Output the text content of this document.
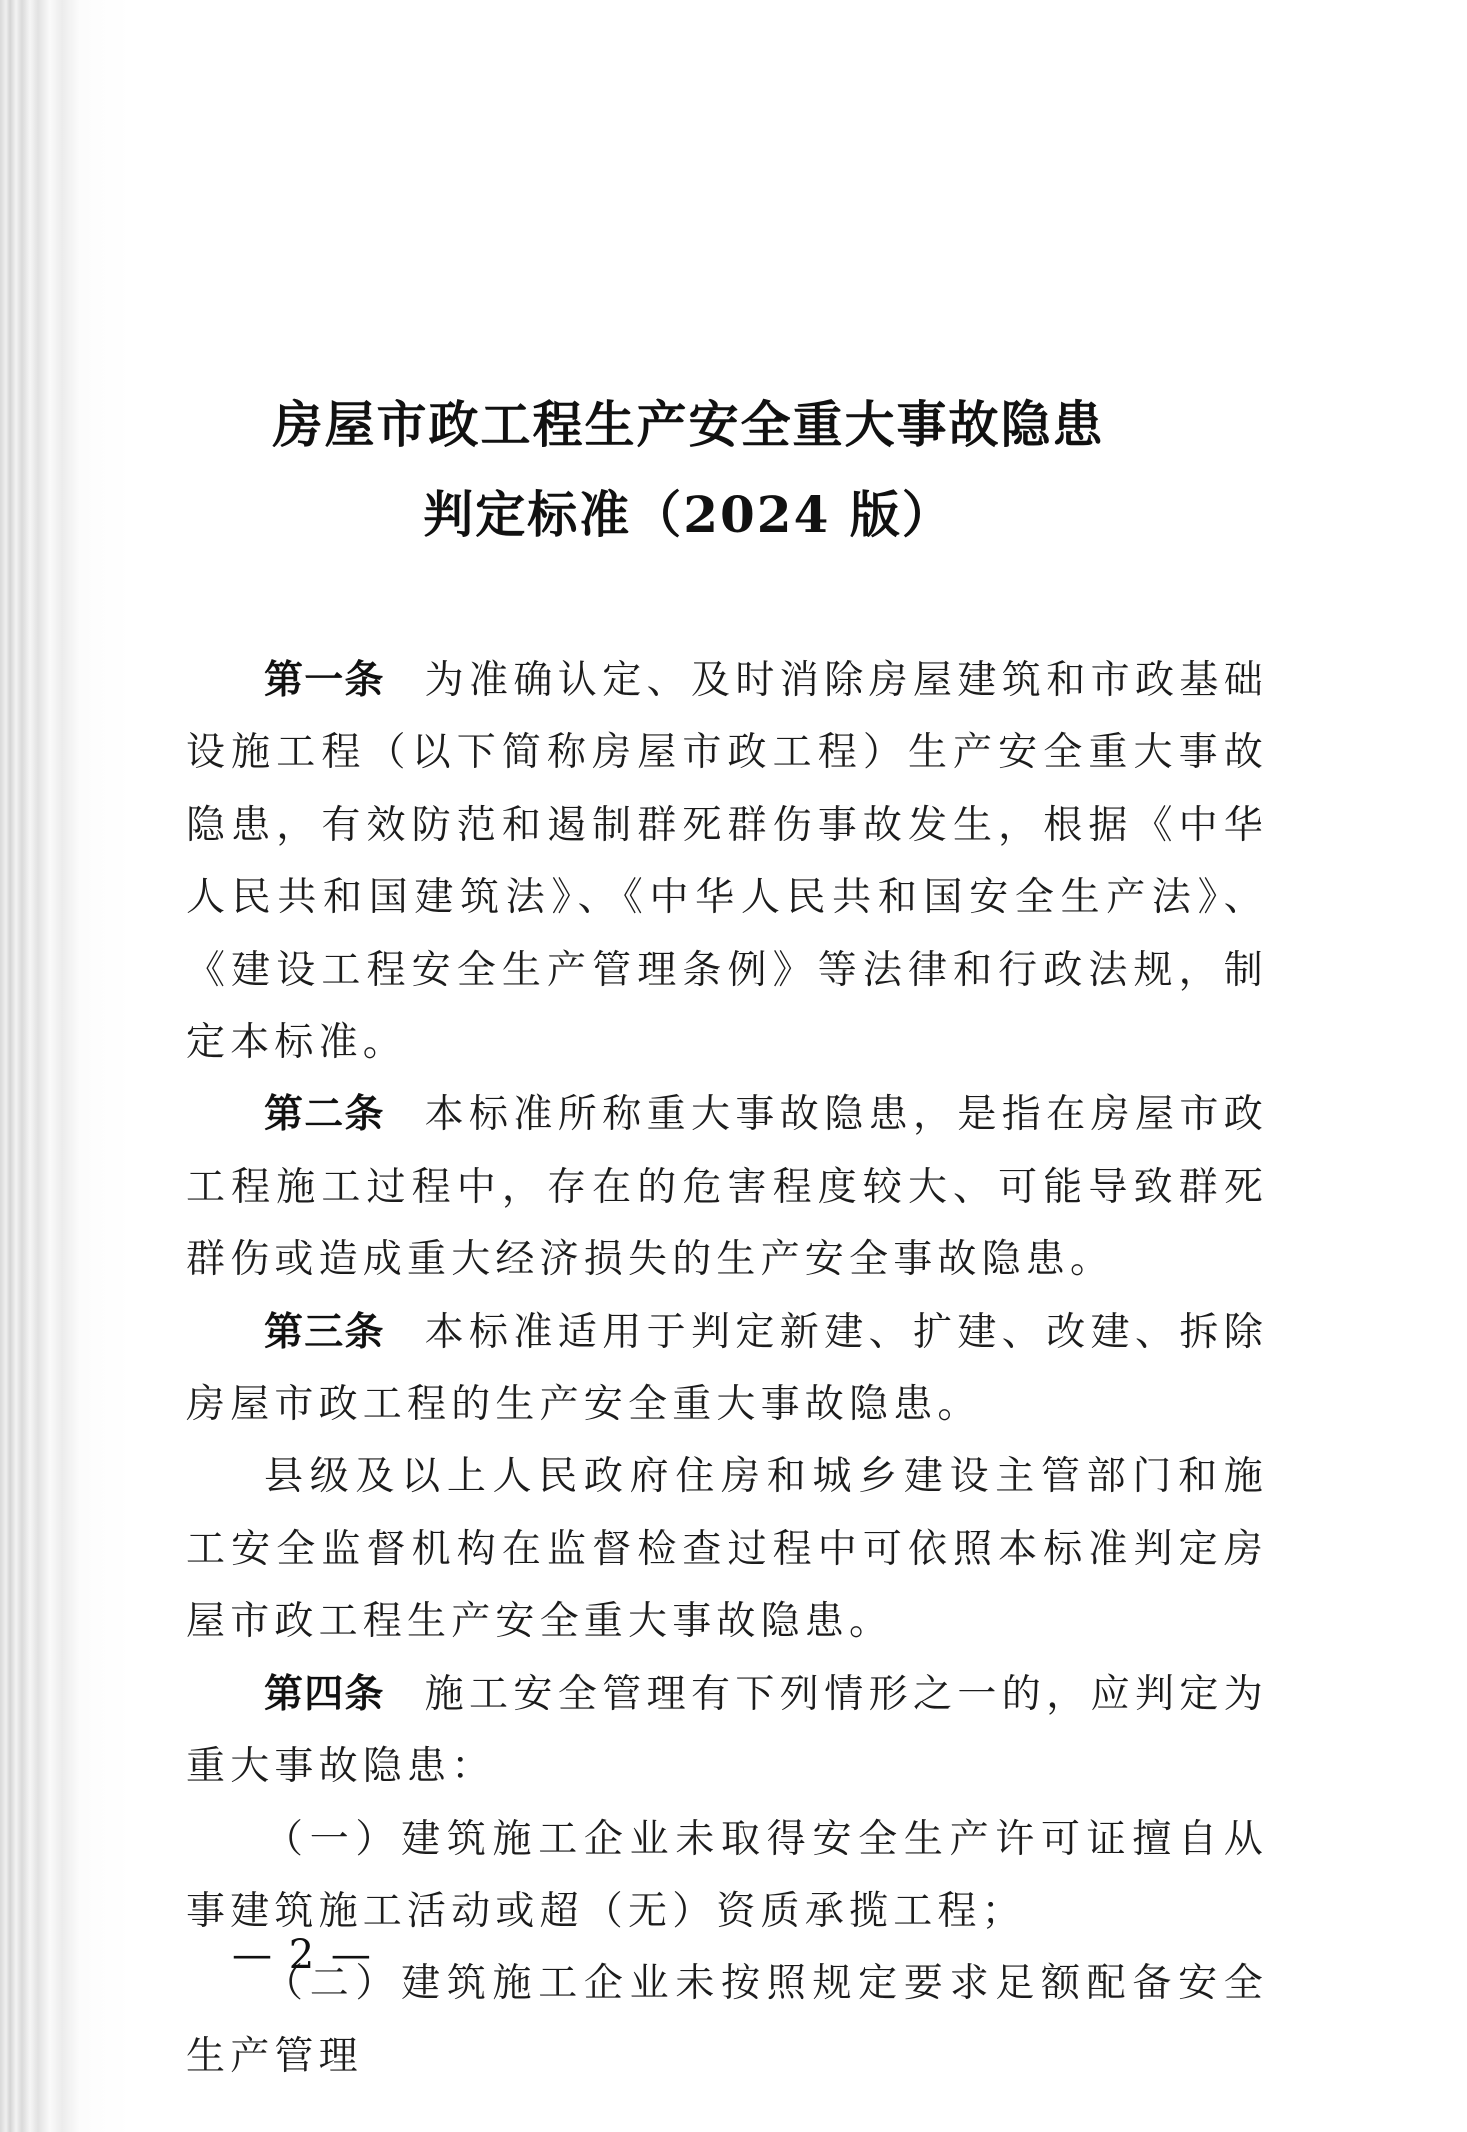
房屋市政工程生产安全重大事故隐患
判定标准（2024 版）

第一条 为准确认定、及时消除房屋建筑和市政基础设施工程（以下简称房屋市政工程）生产安全重大事故隐患，有效防范和遏制群死群伤事故发生，根据《中华人民共和国建筑法》、《中华人民共和国安全生产法》、《建设工程安全生产管理条例》等法律和行政法规，制定本标准。

第二条 本标准所称重大事故隐患，是指在房屋市政工程施工过程中，存在的危害程度较大、可能导致群死群伤或造成重大经济损失的生产安全事故隐患。

第三条 本标准适用于判定新建、扩建、改建、拆除房屋市政工程的生产安全重大事故隐患。

县级及以上人民政府住房和城乡建设主管部门和施工安全监督机构在监督检查过程中可依照本标准判定房屋市政工程生产安全重大事故隐患。

第四条 施工安全管理有下列情形之一的，应判定为重大事故隐患：

（一）建筑施工企业未取得安全生产许可证擅自从事建筑施工活动或超（无）资质承揽工程；

（二）建筑施工企业未按照规定要求足额配备安全生产管理

— 2 —
